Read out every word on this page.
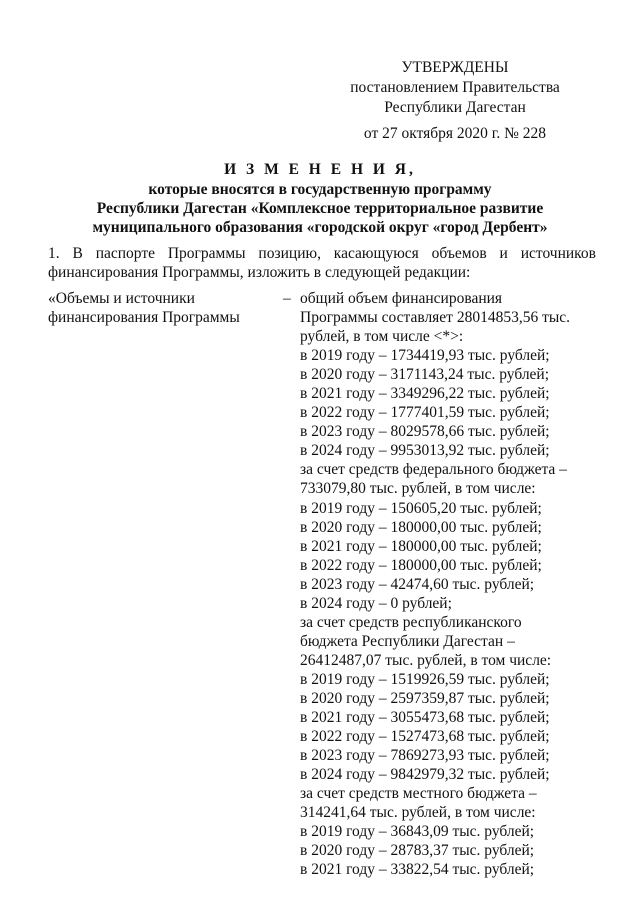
УТВЕРЖДЕНЫ
постановлением Правительства
Республики Дагестан
от 27 октября 2020 г. № 228
И З М Е Н Е Н И Я,
которые вносятся в государственную программу
Республики Дагестан «Комплексное территориальное развитие
муниципального образования «городской округ «город Дербент»
1. В паспорте Программы позицию, касающуюся объемов и источников финансирования Программы, изложить в следующей редакции:
«Объемы и источники
финансирования Программы
– общий объем финансирования
Программы составляет 28014853,56 тыс.
рублей, в том числе <*>:
в 2019 году – 1734419,93 тыс. рублей;
в 2020 году – 3171143,24 тыс. рублей;
в 2021 году – 3349296,22 тыс. рублей;
в 2022 году – 1777401,59 тыс. рублей;
в 2023 году – 8029578,66 тыс. рублей;
в 2024 году – 9953013,92 тыс. рублей;
за счет средств федерального бюджета –
733079,80 тыс. рублей, в том числе:
в 2019 году – 150605,20 тыс. рублей;
в 2020 году – 180000,00 тыс. рублей;
в 2021 году – 180000,00 тыс. рублей;
в 2022 году – 180000,00 тыс. рублей;
в 2023 году – 42474,60 тыс. рублей;
в 2024 году – 0 рублей;
за счет средств республиканского
бюджета Республики Дагестан –
26412487,07 тыс. рублей, в том числе:
в 2019 году – 1519926,59 тыс. рублей;
в 2020 году – 2597359,87 тыс. рублей;
в 2021 году – 3055473,68 тыс. рублей;
в 2022 году – 1527473,68 тыс. рублей;
в 2023 году – 7869273,93 тыс. рублей;
в 2024 году – 9842979,32 тыс. рублей;
за счет средств местного бюджета –
314241,64 тыс. рублей, в том числе:
в 2019 году – 36843,09 тыс. рублей;
в 2020 году – 28783,37 тыс. рублей;
в 2021 году – 33822,54 тыс. рублей;
